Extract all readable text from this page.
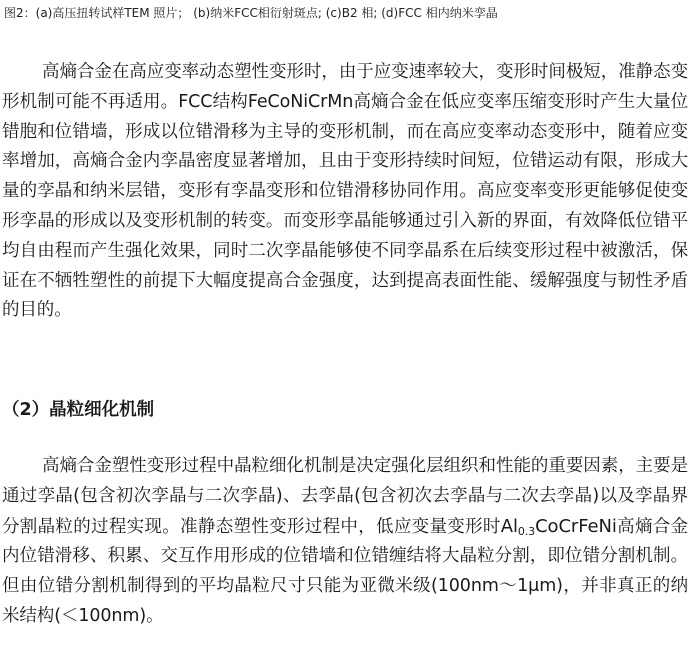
图2：(a)高压扭转试样TEM 照片； (b)纳米FCC相衍射斑点; (c)B2 相; (d)FCC 相内纳米孪晶
高熵合金在高应变率动态塑性变形时，由于应变速率较大，变形时间极短，准静态变形机制可能不再适用。FCC结构FeCoNiCrMn高熵合金在低应变率压缩变形时产生大量位错胞和位错墙，形成以位错滑移为主导的变形机制，而在高应变率动态变形中，随着应变率增加，高熵合金内孪晶密度显著增加，且由于变形持续时间短，位错运动有限，形成大量的孪晶和纳米层错，变形有孪晶变形和位错滑移协同作用。高应变率变形更能够促使变形孪晶的形成以及变形机制的转变。而变形孪晶能够通过引入新的界面，有效降低位错平均自由程而产生强化效果，同时二次孪晶能够使不同孪晶系在后续变形过程中被激活，保证在不牺牲塑性的前提下大幅度提高合金强度，达到提高表面性能、缓解强度与韧性矛盾的目的。
（2）晶粒细化机制
高熵合金塑性变形过程中晶粒细化机制是决定强化层组织和性能的重要因素，主要是通过孪晶(包含初次孪晶与二次孪晶)、去孪晶(包含初次去孪晶与二次去孪晶)以及孪晶界分割晶粒的过程实现。准静态塑性变形过程中，低应变量变形时$Al_{0.3}CoCrFeNi$高熵合金内位错滑移、积累、交互作用形成的位错墙和位错缠结将大晶粒分割，即位错分割机制。但由位错分割机制得到的平均晶粒尺寸只能为亚微米级(100nm～1μm)，并非真正的纳米结构(＜100nm)。
